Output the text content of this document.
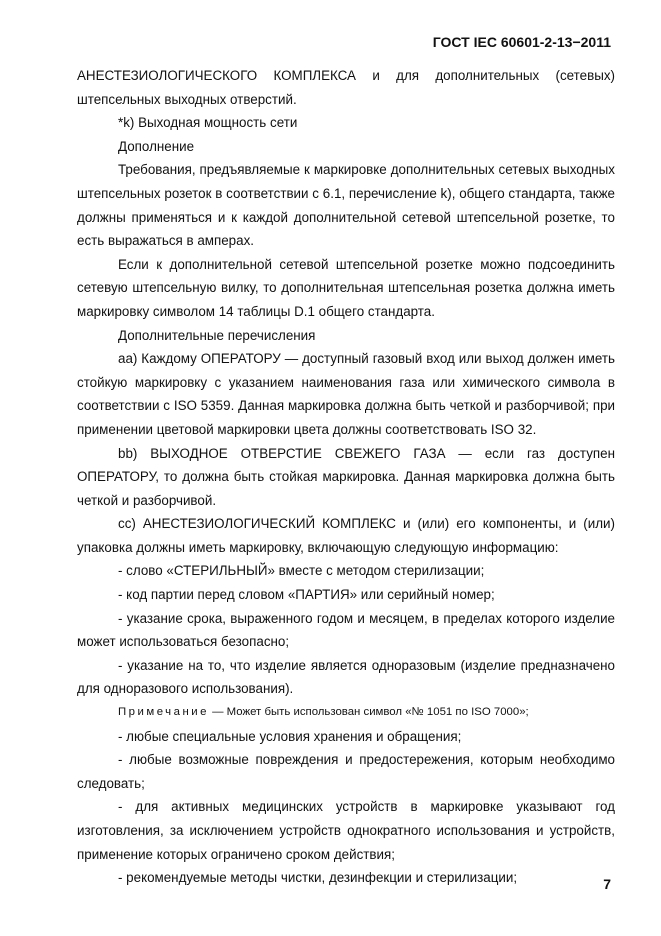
ГОСТ IEC 60601-2-13−2011

АНЕСТЕЗИОЛОГИЧЕСКОГО КОМПЛЕКСА и для дополнительных (сетевых) штепсельных выходных отверстий.

*k) Выходная мощность сети

Дополнение

Требования, предъявляемые к маркировке дополнительных сетевых выходных штепсельных розеток в соответствии с 6.1, перечисление k), общего стандарта, также должны применяться и к каждой дополнительной сетевой штепсельной розетке, то есть выражаться в амперах.

Если к дополнительной сетевой штепсельной розетке можно подсоединить сетевую штепсельную вилку, то дополнительная штепсельная розетка должна иметь маркировку символом 14 таблицы D.1 общего стандарта.

Дополнительные перечисления

аа) Каждому ОПЕРАТОРУ — доступный газовый вход или выход должен иметь стойкую маркировку с указанием наименования газа или химического символа в соответствии с ISO 5359. Данная маркировка должна быть четкой и разборчивой; при применении цветовой маркировки цвета должны соответствовать ISO 32.

bb) ВЫХОДНОЕ ОТВЕРСТИЕ СВЕЖЕГО ГАЗА — если газ доступен ОПЕРАТОРУ, то должна быть стойкая маркировка. Данная маркировка должна быть четкой и разборчивой.

сс) АНЕСТЕЗИОЛОГИЧЕСКИЙ КОМПЛЕКС и (или) его компоненты, и (или) упаковка должны иметь маркировку, включающую следующую информацию:

- слово «СТЕРИЛЬНЫЙ» вместе с методом стерилизации;

- код партии перед словом «ПАРТИЯ» или серийный номер;

- указание срока, выраженного годом и месяцем, в пределах которого изделие может использоваться безопасно;

- указание на то, что изделие является одноразовым (изделие предназначено для одноразового использования).

Примечание — Может быть использован символ «№ 1051 по ISO 7000»;

- любые специальные условия хранения и обращения;

- любые возможные повреждения и предостережения, которым необходимо следовать;

- для активных медицинских устройств в маркировке указывают год изготовления, за исключением устройств однократного использования и устройств, применение которых ограничено сроком действия;

- рекомендуемые методы чистки, дезинфекции и стерилизации;	7
